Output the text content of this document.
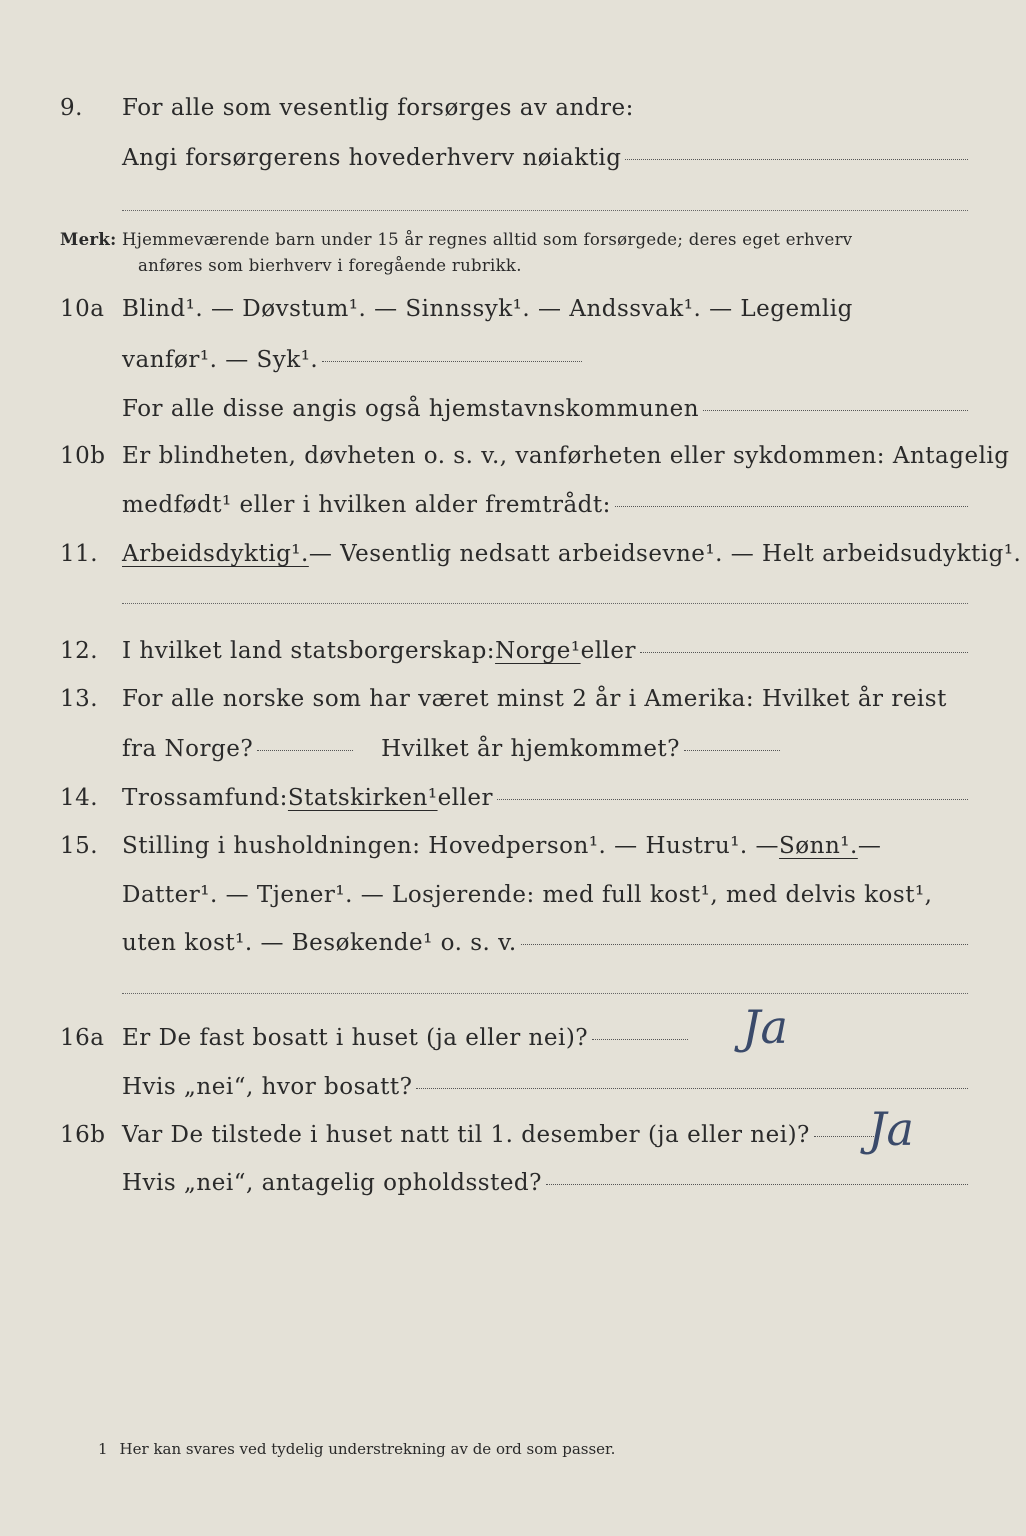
9.	For alle som vesentlig forsørges av andre:
Angi forsørgerens hovederhverv nøiaktig
Merk: Hjemmeværende barn under 15 år regnes alltid som forsørgede; deres eget erhverv
anføres som bierhverv i foregående rubrikk.
10a Blind¹. — Døvstum¹. — Sinnssyk¹. — Andssvak¹. — Legemlig
vanfør¹. — Syk¹.
For alle disse angis også hjemstavnskommunen
10b Er blindheten, døvheten o. s. v., vanførheten eller sykdommen: Antagelig
medfødt¹ eller i hvilken alder fremtrådt:
11.	Arbeidsdyktig¹. — Vesentlig nedsatt arbeidsevne¹. — Helt arbeidsudyktig¹.
12.	I hvilket land statsborgerskap: Norge¹ eller
13.	For alle norske som har været minst 2 år i Amerika: Hvilket år reist
fra Norge?	Hvilket år hjemkommet?
14.	Trossamfund: Statskirken¹ eller
15.	Stilling i husholdningen: Hovedperson¹. — Hustru¹. — Sønn¹. —
Datter¹. — Tjener¹. — Losjerende: med full kost¹, med delvis kost¹,
uten kost¹. — Besøkende¹ o. s. v.
16a Er De fast bosatt i huset (ja eller nei)?	Ja
Hvis „nei“, hvor bosatt?
16b Var De tilstede i huset natt til 1. desember (ja eller nei)? Ja
Hvis „nei“, antagelig opholdssted?
1 Her kan svares ved tydelig understrekning av de ord som passer.
